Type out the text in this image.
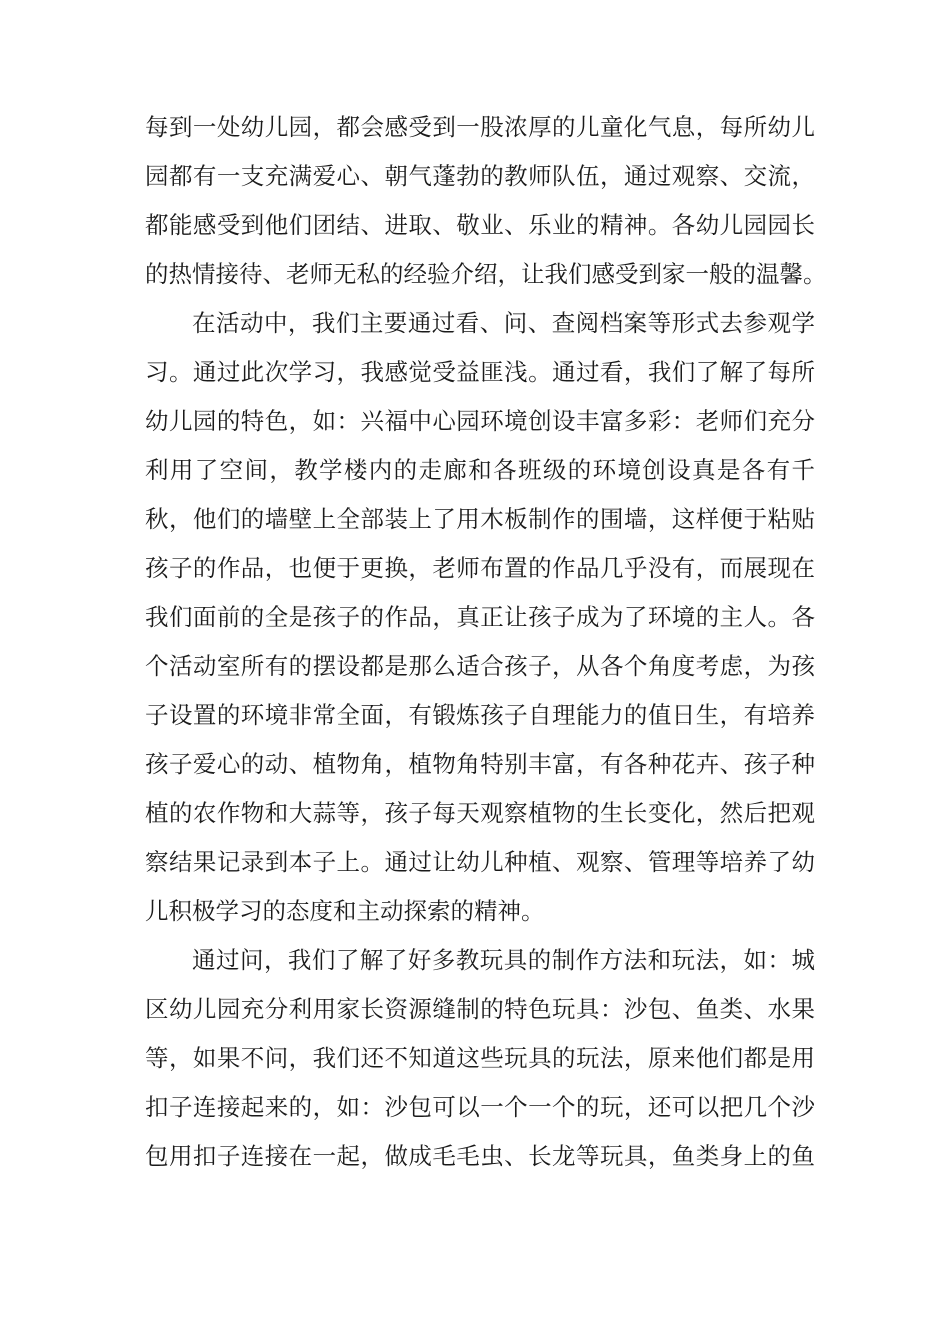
每到一处幼儿园，都会感受到一股浓厚的儿童化气息，每所幼儿
园都有一支充满爱心、朝气蓬勃的教师队伍，通过观察、交流，
都能感受到他们团结、进取、敬业、乐业的精神。各幼儿园园长
的热情接待、老师无私的经验介绍，让我们感受到家一般的温馨。
在活动中，我们主要通过看、问、查阅档案等形式去参观学
习。通过此次学习，我感觉受益匪浅。通过看，我们了解了每所
幼儿园的特色，如：兴福中心园环境创设丰富多彩：老师们充分
利用了空间，教学楼内的走廊和各班级的环境创设真是各有千
秋，他们的墙壁上全部装上了用木板制作的围墙，这样便于粘贴
孩子的作品，也便于更换，老师布置的作品几乎没有，而展现在
我们面前的全是孩子的作品，真正让孩子成为了环境的主人。各
个活动室所有的摆设都是那么适合孩子，从各个角度考虑，为孩
子设置的环境非常全面，有锻炼孩子自理能力的值日生，有培养
孩子爱心的动、植物角，植物角特别丰富，有各种花卉、孩子种
植的农作物和大蒜等，孩子每天观察植物的生长变化，然后把观
察结果记录到本子上。通过让幼儿种植、观察、管理等培养了幼
儿积极学习的态度和主动探索的精神。
通过问，我们了解了好多教玩具的制作方法和玩法，如：城
区幼儿园充分利用家长资源缝制的特色玩具：沙包、鱼类、水果
等，如果不问，我们还不知道这些玩具的玩法，原来他们都是用
扣子连接起来的，如：沙包可以一个一个的玩，还可以把几个沙
包用扣子连接在一起，做成毛毛虫、长龙等玩具，鱼类身上的鱼
